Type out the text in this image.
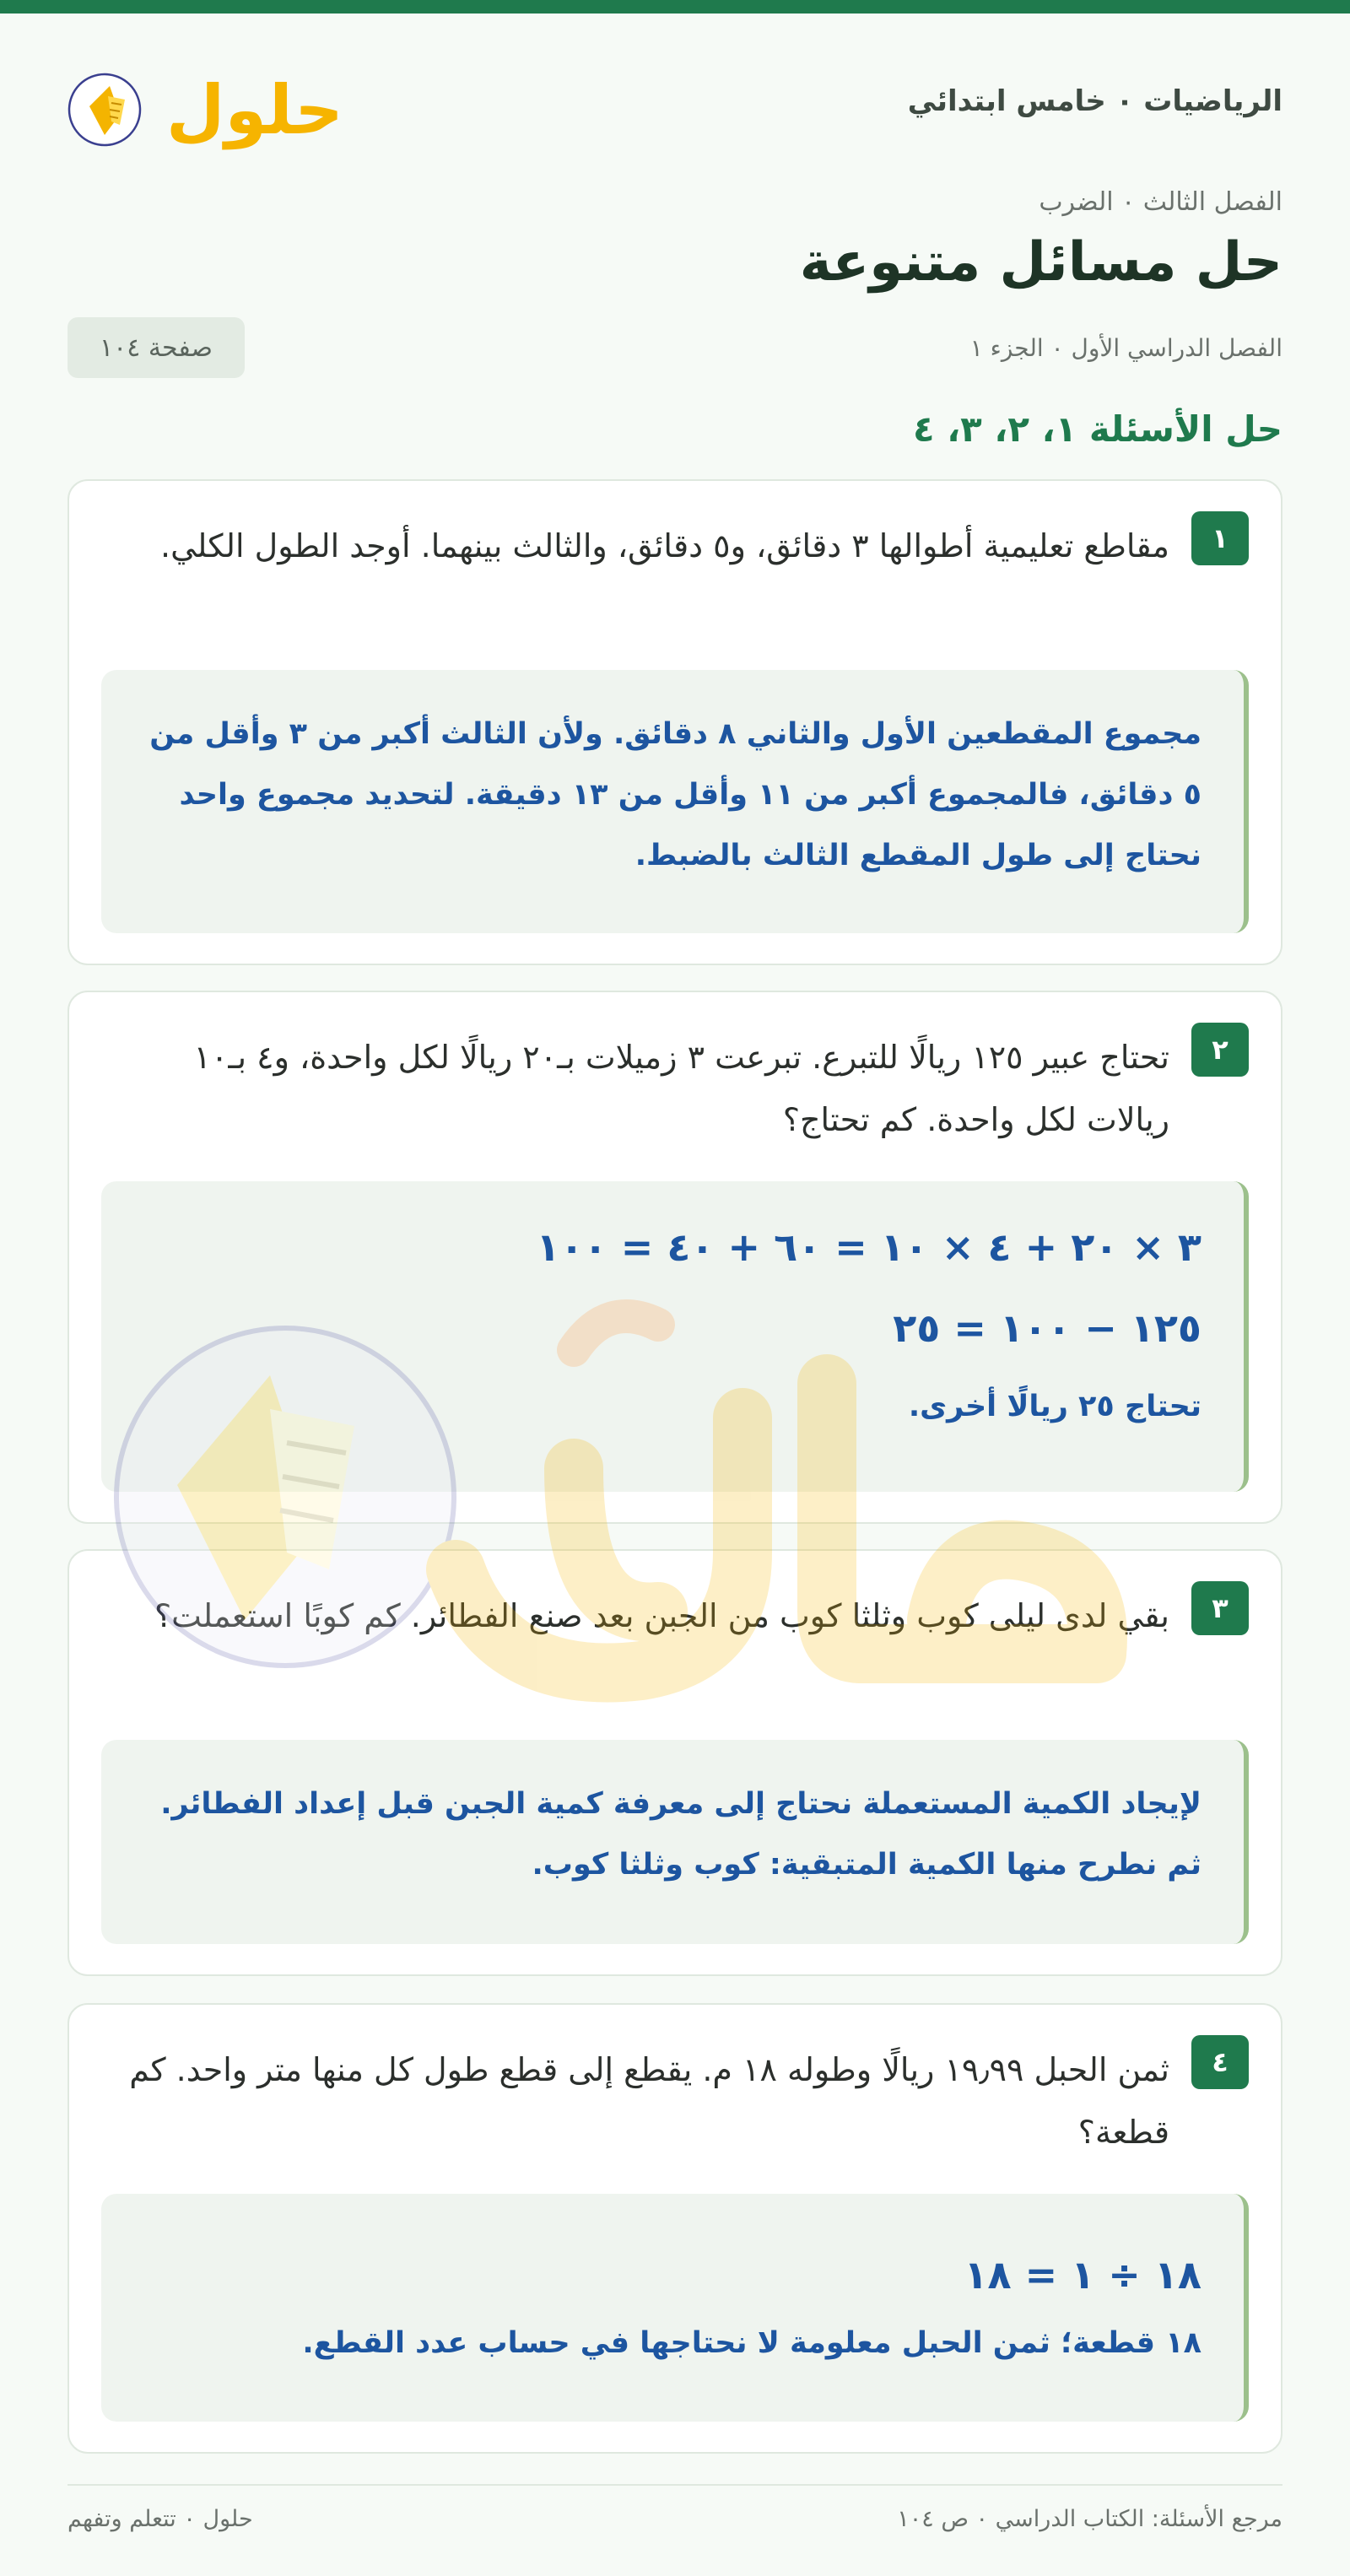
الرياضيات ٠ خامس ابتدائي
حلول
الفصل الثالث ٠ الضرب
حل مسائل متنوعة
الفصل الدراسي الأول ٠ الجزء ١
صفحة ١٠٤
حل الأسئلة ١، ٢، ٣، ٤
١
مقاطع تعليمية أطوالها ٣ دقائق، و٥ دقائق، والثالث بينهما. أوجد الطول الكلي.
مجموع المقطعين الأول والثاني ٨ دقائق. ولأن الثالث أكبر من ٣ وأقل من ٥ دقائق، فالمجموع أكبر من ١١ وأقل من ١٣ دقيقة. لتحديد مجموع واحد نحتاج إلى طول المقطع الثالث بالضبط.
٢
تحتاج عبير ١٢٥ ريالًا للتبرع. تبرعت ٣ زميلات بـ٢٠ ريالًا لكل واحدة، و٤ بـ١٠ ريالات لكل واحدة. كم تحتاج؟
٣ × ٢٠ + ٤ × ١٠ = ٦٠ + ٤٠ = ١٠٠
١٢٥ − ١٠٠ = ٢٥
تحتاج ٢٥ ريالًا أخرى.
٣
بقي لدى ليلى كوب وثلثا كوب من الجبن بعد صنع الفطائر. كم كوبًا استعملت؟
لإيجاد الكمية المستعملة نحتاج إلى معرفة كمية الجبن قبل إعداد الفطائر.
ثم نطرح منها الكمية المتبقية: كوب وثلثا كوب.
٤
ثمن الحبل ١٩٫٩٩ ريالًا وطوله ١٨ م. يقطع إلى قطع طول كل منها متر واحد. كم قطعة؟
١٨ ÷ ١ = ١٨
١٨ قطعة؛ ثمن الحبل معلومة لا نحتاجها في حساب عدد القطع.
مرجع الأسئلة: الكتاب الدراسي ٠ ص ١٠٤
حلول ٠ تتعلم وتفهم
